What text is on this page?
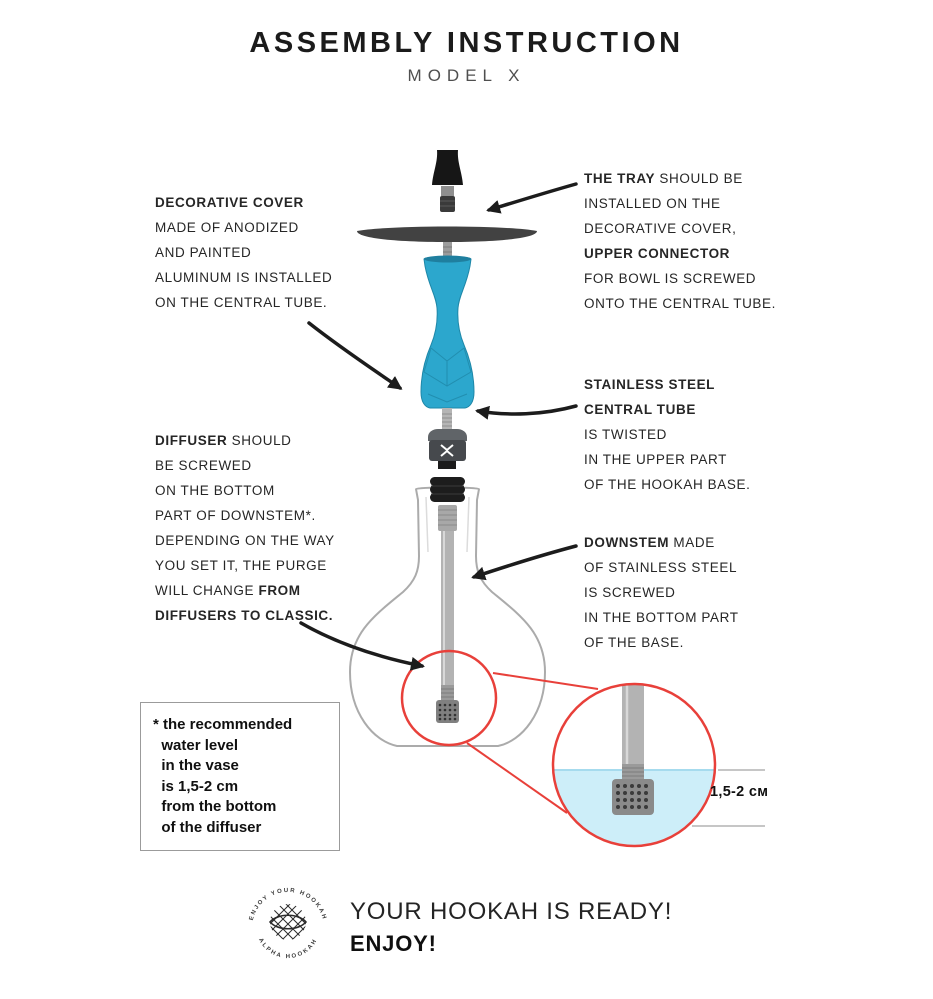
ASSEMBLY INSTRUCTION
MODEL X
DECORATIVE COVER
MADE OF ANODIZED
AND PAINTED
ALUMINUM IS INSTALLED
ON THE CENTRAL TUBE.
THE TRAY SHOULD BE
INSTALLED ON THE
DECORATIVE COVER,
UPPER CONNECTOR
FOR BOWL IS SCREWED
ONTO THE CENTRAL TUBE.
STAINLESS STEEL
CENTRAL TUBE
IS TWISTED
IN THE UPPER PART
OF THE HOOKAH BASE.
DIFFUSER SHOULD
BE SCREWED
ON THE BOTTOM
PART OF DOWNSTEM*.
DEPENDING ON THE WAY
YOU SET IT, THE PURGE
WILL CHANGE FROM
DIFFUSERS TO CLASSIC.
DOWNSTEM MADE
OF STAINLESS STEEL
IS SCREWED
IN THE BOTTOM PART
OF THE BASE.
* the recommended
water level
in the vase
is 1,5-2 cm
from the bottom
of the diffuser
1,5-2 см
ENJOY YOUR HOOKAH
ALPHA HOOKAH
YOUR HOOKAH IS READY!
ENJOY!
